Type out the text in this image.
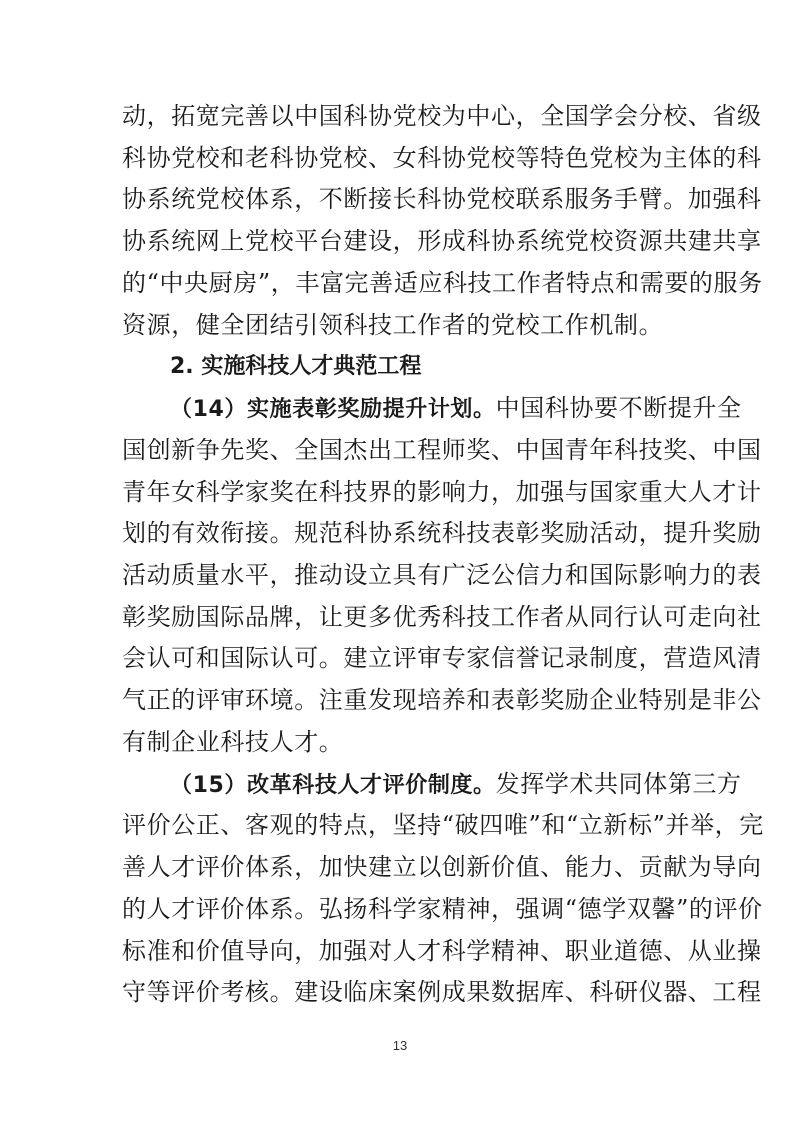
动，拓宽完善以中国科协党校为中心，全国学会分校、省级
科协党校和老科协党校、女科协党校等特色党校为主体的科
协系统党校体系，不断接长科协党校联系服务手臂。加强科
协系统网上党校平台建设，形成科协系统党校资源共建共享
的“中央厨房”，丰富完善适应科技工作者特点和需要的服务
资源，健全团结引领科技工作者的党校工作机制。
2. 实施科技人才典范工程
（14）实施表彰奖励提升计划。中国科协要不断提升全
国创新争先奖、全国杰出工程师奖、中国青年科技奖、中国
青年女科学家奖在科技界的影响力，加强与国家重大人才计
划的有效衔接。规范科协系统科技表彰奖励活动，提升奖励
活动质量水平，推动设立具有广泛公信力和国际影响力的表
彰奖励国际品牌，让更多优秀科技工作者从同行认可走向社
会认可和国际认可。建立评审专家信誉记录制度，营造风清
气正的评审环境。注重发现培养和表彰奖励企业特别是非公
有制企业科技人才。
（15）改革科技人才评价制度。发挥学术共同体第三方
评价公正、客观的特点，坚持“破四唯”和“立新标”并举，完
善人才评价体系，加快建立以创新价值、能力、贡献为导向
的人才评价体系。弘扬科学家精神，强调“德学双馨”的评价
标准和价值导向，加强对人才科学精神、职业道德、从业操
守等评价考核。建设临床案例成果数据库、科研仪器、工程
13
